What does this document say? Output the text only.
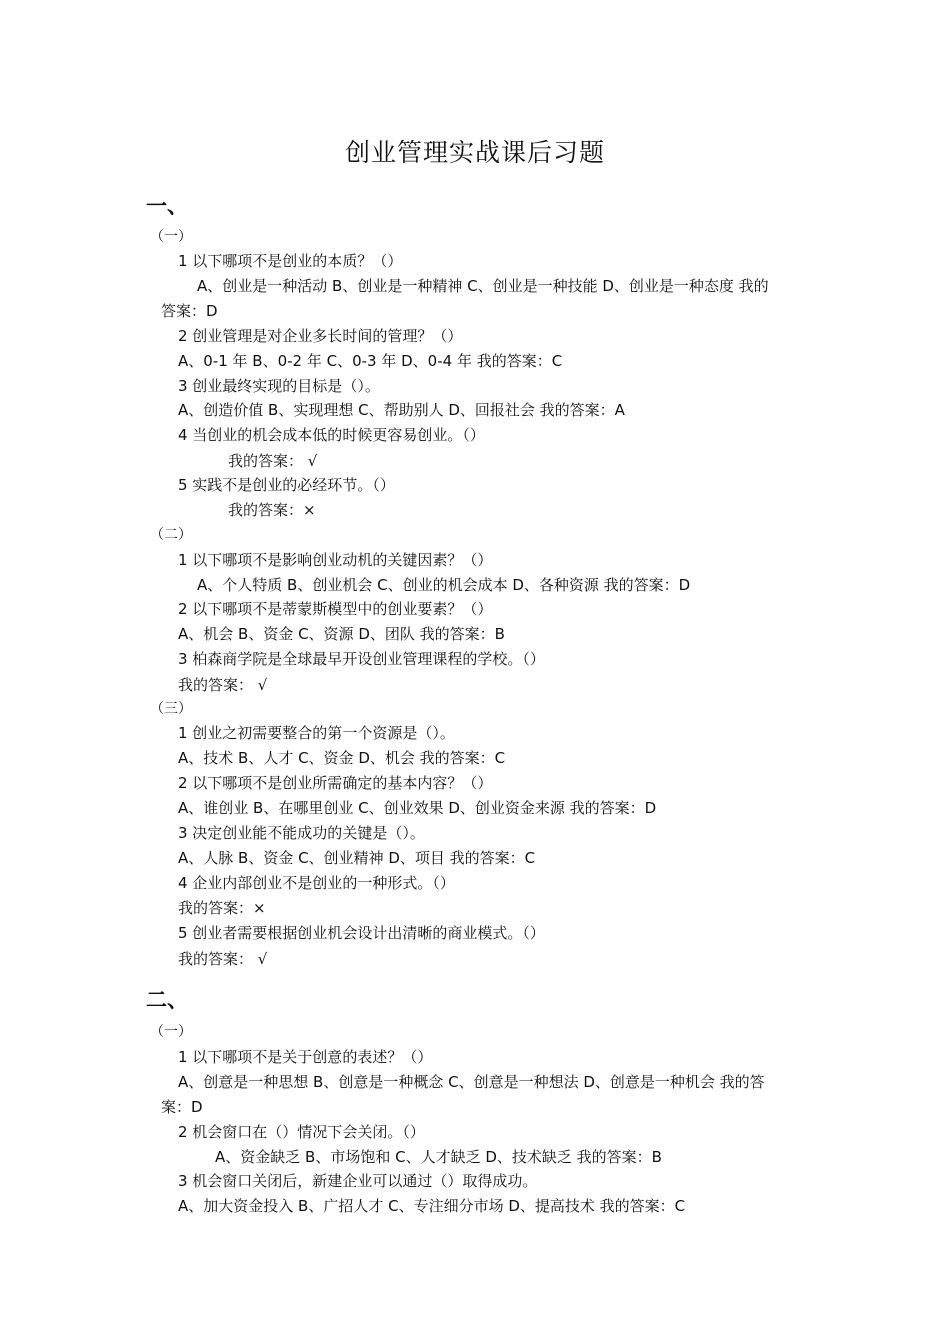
创业管理实战课后习题
一、
（一）
1 以下哪项不是创业的本质？（）
A、创业是一种活动 B、创业是一种精神 C、创业是一种技能 D、创业是一种态度 我的
答案：D
2 创业管理是对企业多长时间的管理？（）
A、0-1 年 B、0-2 年 C、0-3 年 D、0-4 年 我的答案：C
3 创业最终实现的目标是（）。
A、创造价值 B、实现理想 C、帮助别人 D、回报社会 我的答案：A
4 当创业的机会成本低的时候更容易创业。（）
我的答案： √
5 实践不是创业的必经环节。（）
我的答案：×
（二）
1 以下哪项不是影响创业动机的关键因素？（）
A、个人特质 B、创业机会 C、创业的机会成本 D、各种资源 我的答案：D
2 以下哪项不是蒂蒙斯模型中的创业要素？（）
A、机会 B、资金 C、资源 D、团队 我的答案：B
3 柏森商学院是全球最早开设创业管理课程的学校。（）
我的答案： √
（三）
1 创业之初需要整合的第一个资源是（）。
A、技术 B、人才 C、资金 D、机会 我的答案：C
2 以下哪项不是创业所需确定的基本内容？（）
A、谁创业 B、在哪里创业 C、创业效果 D、创业资金来源 我的答案：D
3 决定创业能不能成功的关键是（）。
A、人脉 B、资金 C、创业精神 D、项目 我的答案：C
4 企业内部创业不是创业的一种形式。（）
我的答案：×
5 创业者需要根据创业机会设计出清晰的商业模式。（）
我的答案： √
二、
（一）
1 以下哪项不是关于创意的表述？（）
A、创意是一种思想 B、创意是一种概念 C、创意是一种想法 D、创意是一种机会 我的答
案：D
2 机会窗口在（）情况下会关闭。（）
A、资金缺乏 B、市场饱和 C、人才缺乏 D、技术缺乏 我的答案：B
3 机会窗口关闭后，新建企业可以通过（）取得成功。
A、加大资金投入 B、广招人才 C、专注细分市场 D、提高技术 我的答案：C
